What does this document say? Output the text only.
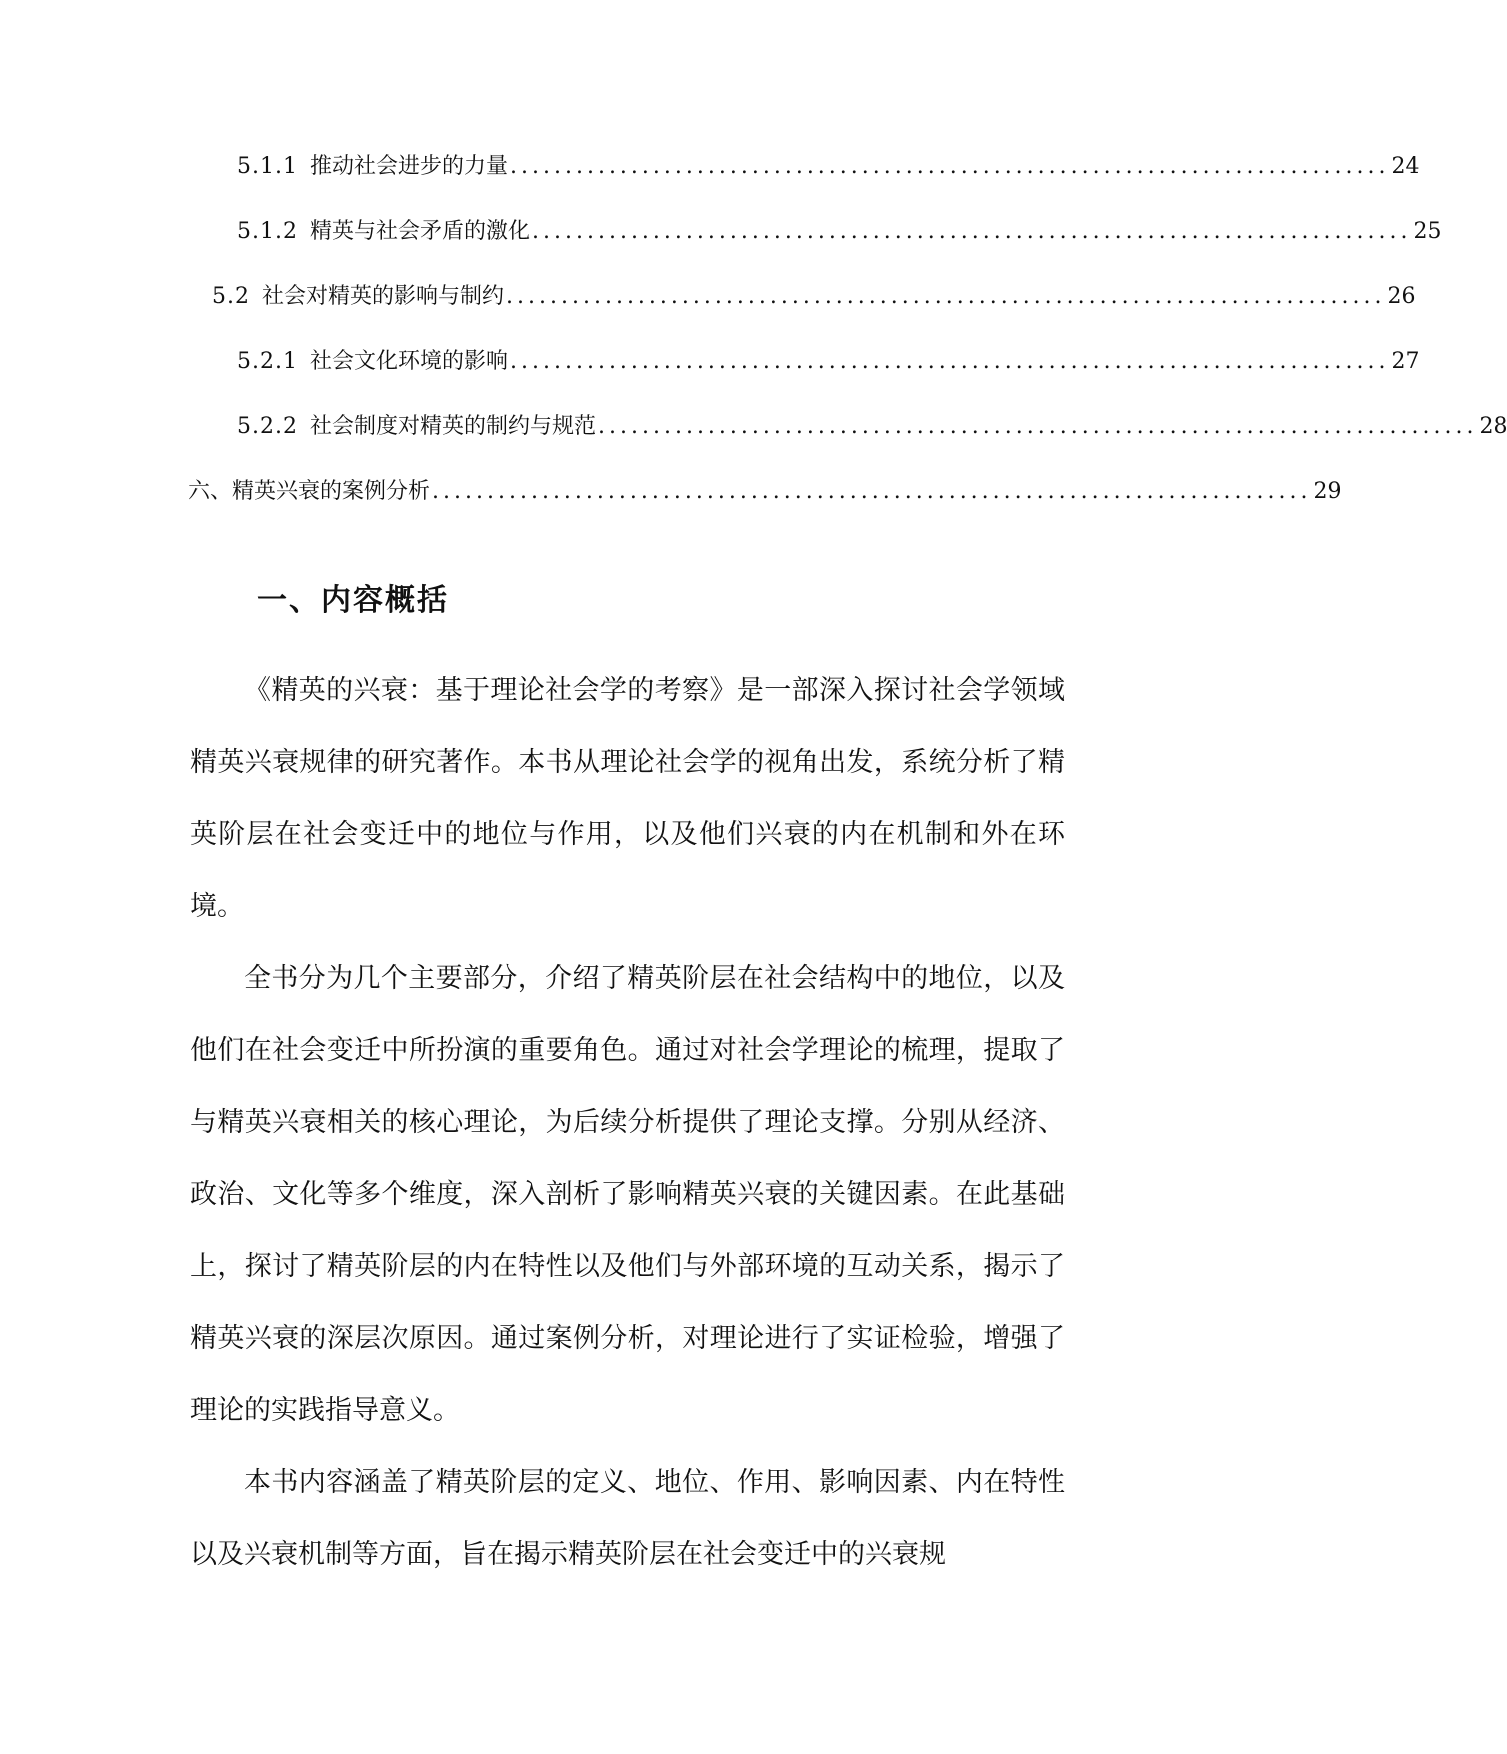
5.1.1 推动社会进步的力量 ................................................................................ 24
5.1.2 精英与社会矛盾的激化 ................................................................................ 25
5.2 社会对精英的影响与制约 ................................................................................ 26
5.2.1 社会文化环境的影响 ................................................................................ 27
5.2.2 社会制度对精英的制约与规范 ................................................................................ 28
六、精英兴衰的案例分析 ................................................................................ 29
一、内容概括

《精英的兴衰：基于理论社会学的考察》是一部深入探讨社会学领域精英兴衰规律的研究著作。本书从理论社会学的视角出发，系统分析了精英阶层在社会变迁中的地位与作用，以及他们兴衰的内在机制和外在环境。

全书分为几个主要部分，介绍了精英阶层在社会结构中的地位，以及他们在社会变迁中所扮演的重要角色。通过对社会学理论的梳理，提取了与精英兴衰相关的核心理论，为后续分析提供了理论支撑。分别从经济、政治、文化等多个维度，深入剖析了影响精英兴衰的关键因素。在此基础上，探讨了精英阶层的内在特性以及他们与外部环境的互动关系，揭示了精英兴衰的深层次原因。通过案例分析，对理论进行了实证检验，增强了理论的实践指导意义。

本书内容涵盖了精英阶层的定义、地位、作用、影响因素、内在特性以及兴衰机制等方面，旨在揭示精英阶层在社会变迁中的兴衰规
